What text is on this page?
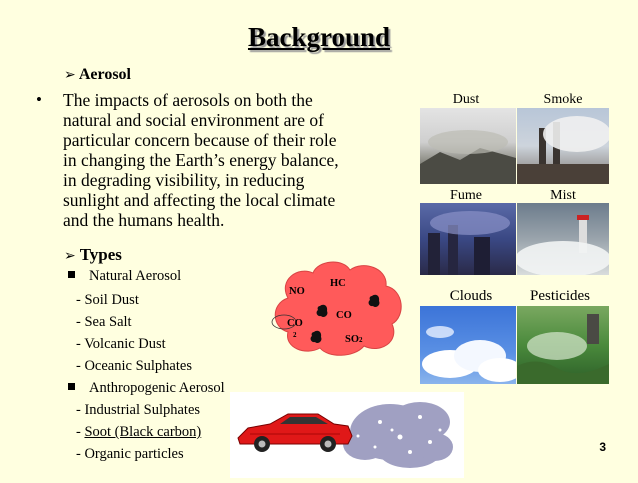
Background
➢ Aerosol
• The impacts of aerosols on both the
natural and social environment are of
particular concern because of their role
in changing the Earth’s energy balance,
in degrading visibility, in reducing
sunlight and affecting the local climate
and the humans health.
➢ Types
Natural Aerosol
- Soil Dust
- Sea Salt
- Volcanic Dust
- Oceanic Sulphates
Anthropogenic Aerosol
- Industrial Sulphates
- Soot (Black carbon)
- Organic particles
HC
NO
CO
CO
2	SO2
Dust	Smoke
Fume	Mist
Clouds	Pesticides
3
